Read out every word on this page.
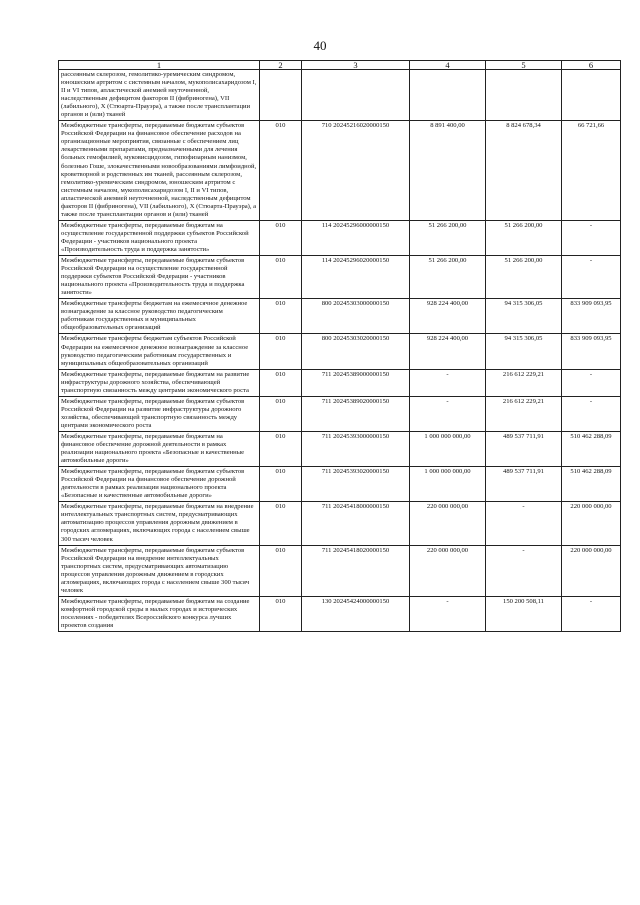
40
1	2	3	4	5	6
рассеянным склерозом, гемолитико-уремическим синдромом, юношеским артритом с системным началом, мукополисахаридозом I, II и VI типов, апластической анемией неуточненной, наследственным дефицитом факторов II (фибриногена), VII (лабильного), X (Стюарта-Прауэра), а также после трансплантации органов и (или) тканей					
Межбюджетные трансферты, передаваемые бюджетам субъектов Российской Федерации на финансовое обеспечение расходов на организационные мероприятия, связанные с обеспечением лиц лекарственными препаратами, предназначенными для лечения больных гемофилией, муковисцидозом, гипофизарным нанизмом, болезнью Гоше, злокачественными новообразованиями лимфоидной, кроветворной и родственных им тканей, рассеянным склерозом, гемолитико-уремическим синдромом, юношеским артритом с системным началом, мукополисахаридозом I, II и VI типов, апластической анемией неуточненной, наследственным дефицитом факторов II (фибриногена), VII (лабильного), X (Стюарта-Прауэра), а также после трансплантации органов и (или) тканей	010	710 20245216020000150	8 891 400,00	8 824 678,34	66 721,66
Межбюджетные трансферты, передаваемые бюджетам на осуществление государственной поддержки субъектов Российской Федерации - участников национального проекта «Производительность труда и поддержка занятости»	010	114 20245296000000150	51 266 200,00	51 266 200,00	-
Межбюджетные трансферты, передаваемые бюджетам субъектов Российской Федерации на осуществление государственной поддержки субъектов Российской Федерации - участников национального проекта «Производительность труда и поддержка занятости»	010	114 20245296020000150	51 266 200,00	51 266 200,00	-
Межбюджетные трансферты бюджетам на ежемесячное денежное вознаграждение за классное руководство педагогическим работникам государственных и муниципальных общеобразовательных организаций	010	800 20245303000000150	928 224 400,00	94 315 306,05	833 909 093,95
Межбюджетные трансферты бюджетам субъектов Российской Федерации на ежемесячное денежное вознаграждение за классное руководство педагогическим работникам государственных и муниципальных общеобразовательных организаций	010	800 20245303020000150	928 224 400,00	94 315 306,05	833 909 093,95
Межбюджетные трансферты, передаваемые бюджетам на развитие инфраструктуры дорожного хозяйства, обеспечивающей транспортную связанность между центрами экономического роста	010	711 20245389000000150	-	216 612 229,21	-
Межбюджетные трансферты, передаваемые бюджетам субъектов Российской Федерации на развитие инфраструктуры дорожного хозяйства, обеспечивающей транспортную связанность между центрами экономического роста	010	711 20245389020000150	-	216 612 229,21	-
Межбюджетные трансферты, передаваемые бюджетам на финансовое обеспечение дорожной деятельности в рамках реализации национального проекта «Безопасные и качественные автомобильные дороги»	010	711 20245393000000150	1 000 000 000,00	489 537 711,91	510 462 288,09
Межбюджетные трансферты, передаваемые бюджетам субъектов Российской Федерации на финансовое обеспечение дорожной деятельности в рамках реализации национального проекта «Безопасные и качественные автомобильные дороги»	010	711 20245393020000150	1 000 000 000,00	489 537 711,91	510 462 288,09
Межбюджетные трансферты, передаваемые бюджетам на внедрение интеллектуальных транспортных систем, предусматривающих автоматизацию процессов управления дорожным движением в городских агломерациях, включающих города с населением свыше 300 тысяч человек	010	711 20245418000000150	220 000 000,00	-	220 000 000,00
Межбюджетные трансферты, передаваемые бюджетам субъектов Российской Федерации на внедрение интеллектуальных транспортных систем, предусматривающих автоматизацию процессов управления дорожным движением в городских агломерациях, включающих города с населением свыше 300 тысяч человек	010	711 20245418020000150	220 000 000,00	-	220 000 000,00
Межбюджетные трансферты, передаваемые бюджетам на создание комфортной городской среды в малых городах и исторических поселениях - победителях Всероссийского конкурса лучших проектов создания	010	130 20245424000000150	-	150 200 508,11	-
